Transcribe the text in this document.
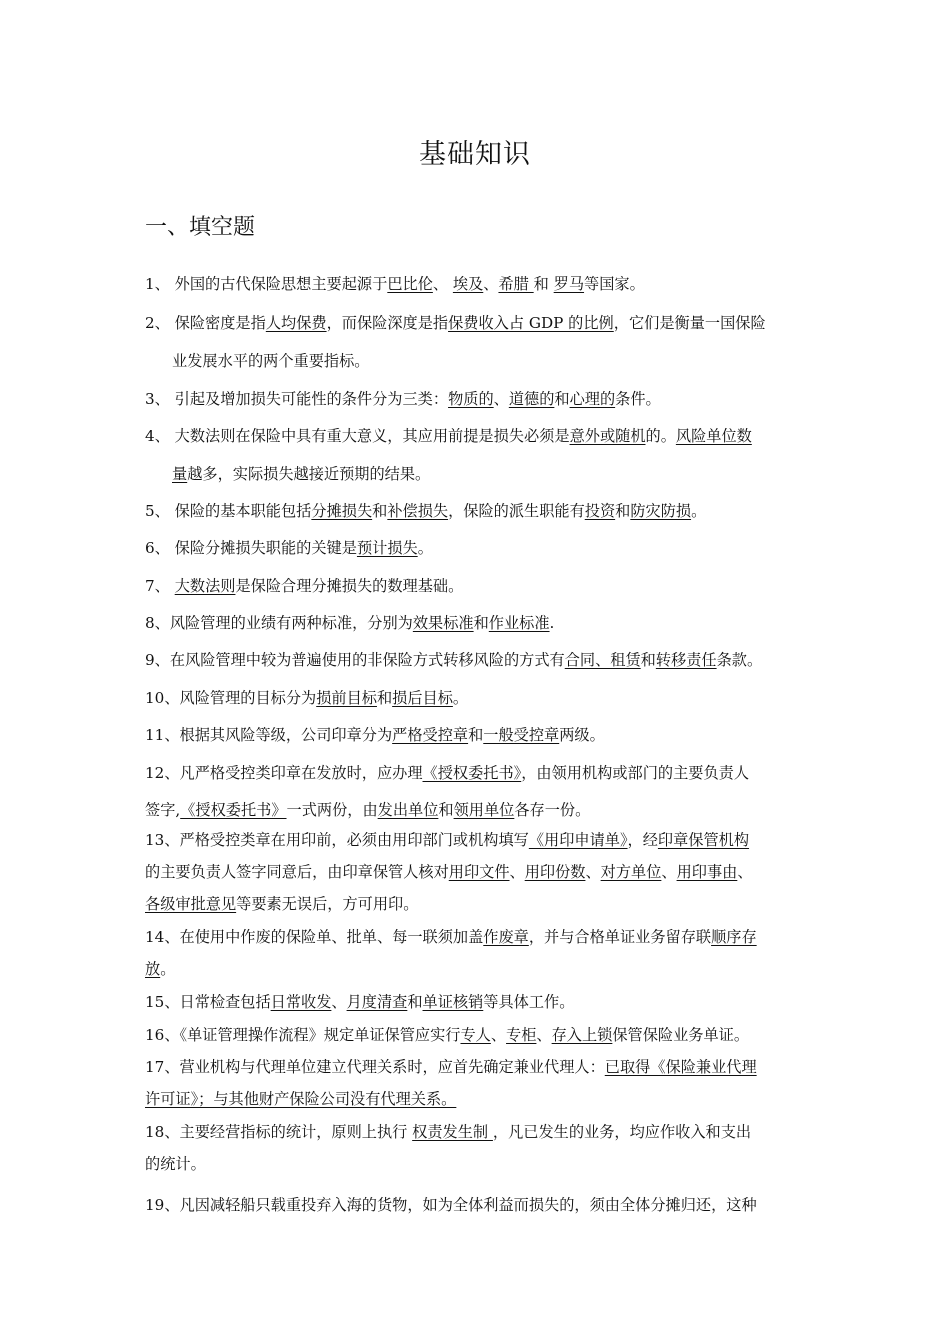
基础知识
一、填空题
1、 外国的古代保险思想主要起源于巴比伦、 埃及、希腊 和 罗马等国家。
2、 保险密度是指人均保费，而保险深度是指保费收入占 GDP 的比例，它们是衡量一国保险
业发展水平的两个重要指标。
3、 引起及增加损失可能性的条件分为三类：物质的、道德的和心理的条件。
4、 大数法则在保险中具有重大意义，其应用前提是损失必须是意外或随机的。风险单位数
量越多，实际损失越接近预期的结果。
5、 保险的基本职能包括分摊损失和补偿损失，保险的派生职能有投资和防灾防损。
6、 保险分摊损失职能的关键是预计损失。
7、 大数法则是保险合理分摊损失的数理基础。
8、风险管理的业绩有两种标准，分别为效果标准和作业标准.
9、在风险管理中较为普遍使用的非保险方式转移风险的方式有合同、租赁和转移责任条款。
10、风险管理的目标分为损前目标和损后目标。
11、根据其风险等级，公司印章分为严格受控章和一般受控章两级。
12、凡严格受控类印章在发放时，应办理《授权委托书》，由领用机构或部门的主要负责人
签字,《授权委托书》一式两份，由发出单位和领用单位各存一份。
13、严格受控类章在用印前，必须由用印部门或机构填写《用印申请单》，经印章保管机构
的主要负责人签字同意后，由印章保管人核对用印文件、用印份数、对方单位、用印事由、
各级审批意见等要素无误后，方可用印。
14、在使用中作废的保险单、批单、每一联须加盖作废章，并与合格单证业务留存联顺序存
放。
15、日常检查包括日常收发、月度清查和单证核销等具体工作。
16、《单证管理操作流程》规定单证保管应实行专人、专柜、存入上锁保管保险业务单证。
17、营业机构与代理单位建立代理关系时，应首先确定兼业代理人：已取得《保险兼业代理
许可证》；与其他财产保险公司没有代理关系。
18、主要经营指标的统计，原则上执行 权责发生制 ，凡已发生的业务，均应作收入和支出
的统计。
19、凡因减轻船只载重投弃入海的货物，如为全体利益而损失的，须由全体分摊归还，这种
